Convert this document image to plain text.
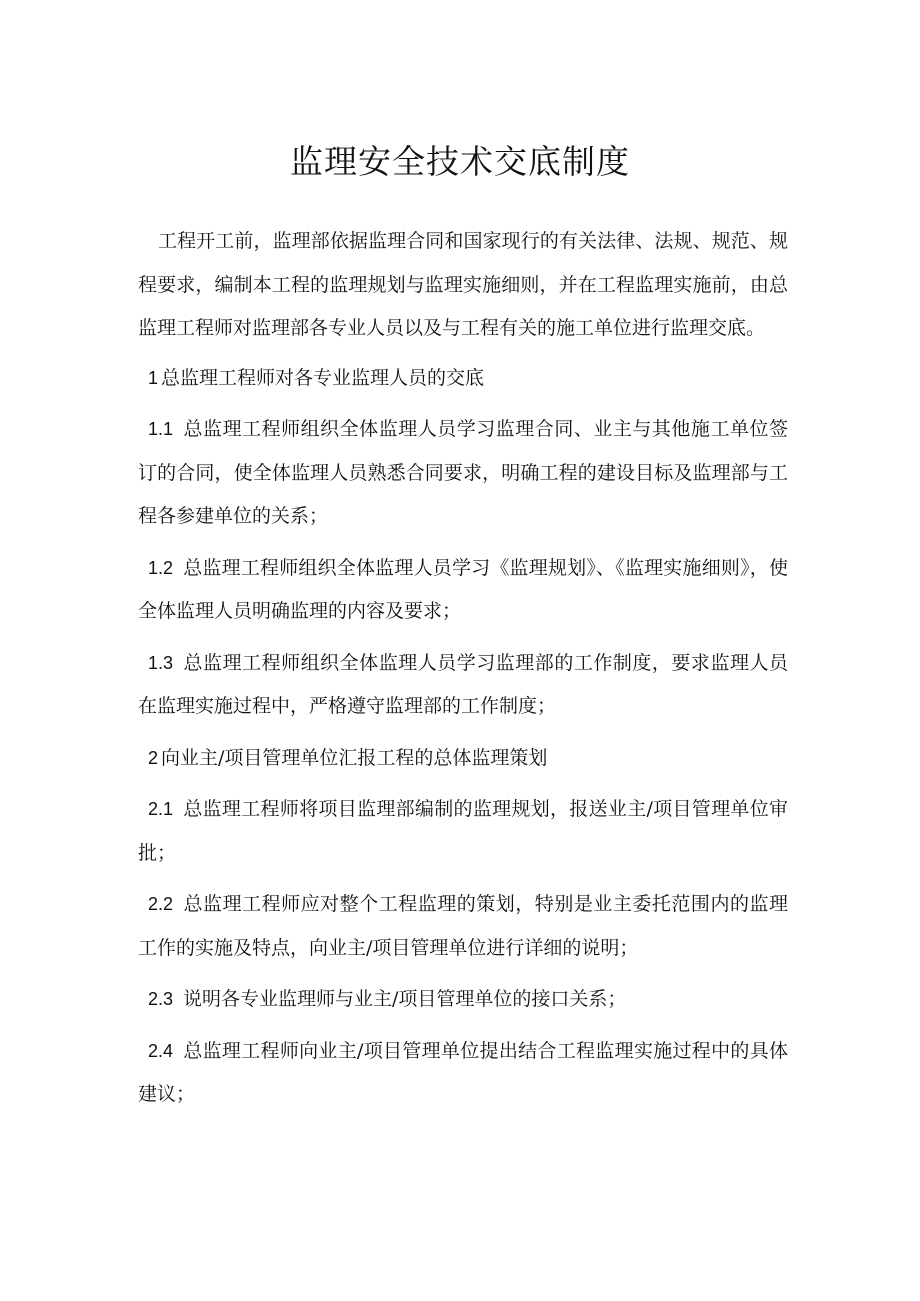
监理安全技术交底制度

工程开工前，监理部依据监理合同和国家现行的有关法律、法规、规范、规程要求，编制本工程的监理规划与监理实施细则，并在工程监理实施前，由总监理工程师对监理部各专业人员以及与工程有关的施工单位进行监理交底。

1 总监理工程师对各专业监理人员的交底

1.1 总监理工程师组织全体监理人员学习监理合同、业主与其他施工单位签订的合同，使全体监理人员熟悉合同要求，明确工程的建设目标及监理部与工程各参建单位的关系；

1.2 总监理工程师组织全体监理人员学习《监理规划》、《监理实施细则》，使全体监理人员明确监理的内容及要求；

1.3 总监理工程师组织全体监理人员学习监理部的工作制度，要求监理人员在监理实施过程中，严格遵守监理部的工作制度；

2 向业主/项目管理单位汇报工程的总体监理策划

2.1 总监理工程师将项目监理部编制的监理规划，报送业主/项目管理单位审批；

2.2 总监理工程师应对整个工程监理的策划，特别是业主委托范围内的监理工作的实施及特点，向业主/项目管理单位进行详细的说明；

2.3 说明各专业监理师与业主/项目管理单位的接口关系；

2.4 总监理工程师向业主/项目管理单位提出结合工程监理实施过程中的具体建议；
